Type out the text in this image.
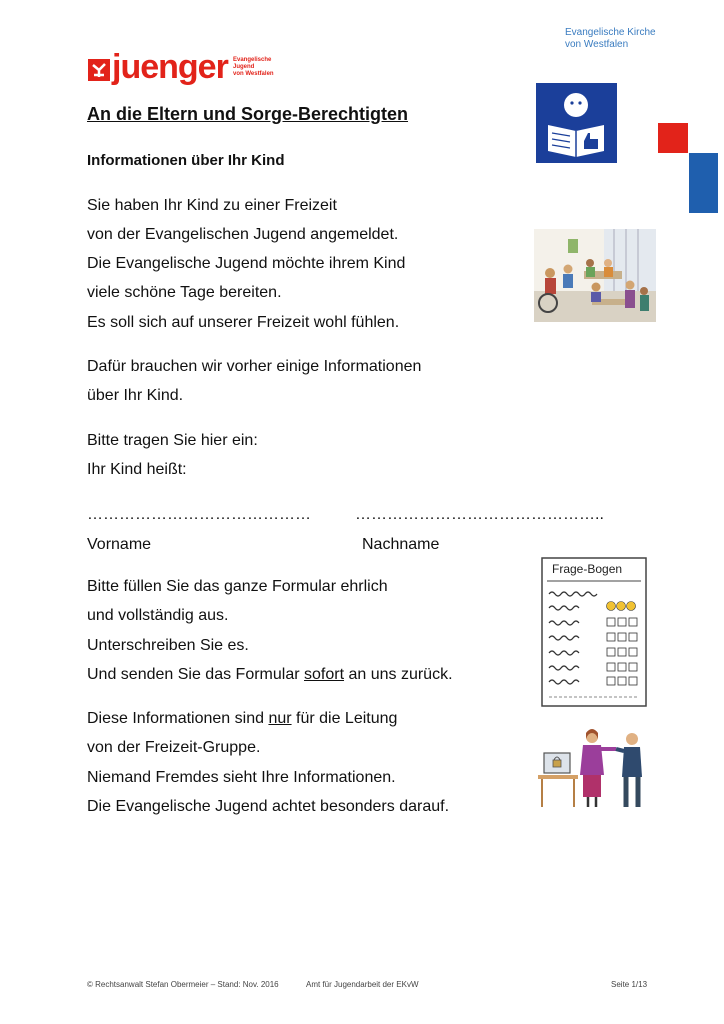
Evangelische Kirche
von Westfalen
juenger Evangelische
Jugend
von Westfalen
An die Eltern und Sorge-Berechtigten
Informationen über Ihr Kind
Sie haben Ihr Kind zu einer Freizeit
von der Evangelischen Jugend angemeldet.
Die Evangelische Jugend möchte ihrem Kind
viele schöne Tage bereiten.
Es soll sich auf unserer Freizeit wohl fühlen.
Dafür brauchen wir vorher einige Informationen
über Ihr Kind.
Bitte tragen Sie hier ein:
Ihr Kind heißt:
……………………………………	………………………………………..
Vorname	Nachname
Frage-Bogen
Bitte füllen Sie das ganze Formular ehrlich
und vollständig aus.
Unterschreiben Sie es.
Und senden Sie das Formular sofort an uns zurück.
Diese Informationen sind nur für die Leitung
von der Freizeit-Gruppe.
Niemand Fremdes sieht Ihre Informationen.
Die Evangelische Jugend achtet besonders darauf.
© Rechtsanwalt Stefan Obermeier – Stand: Nov. 2016	Amt für Jugendarbeit der EKvW	Seite 1/13
